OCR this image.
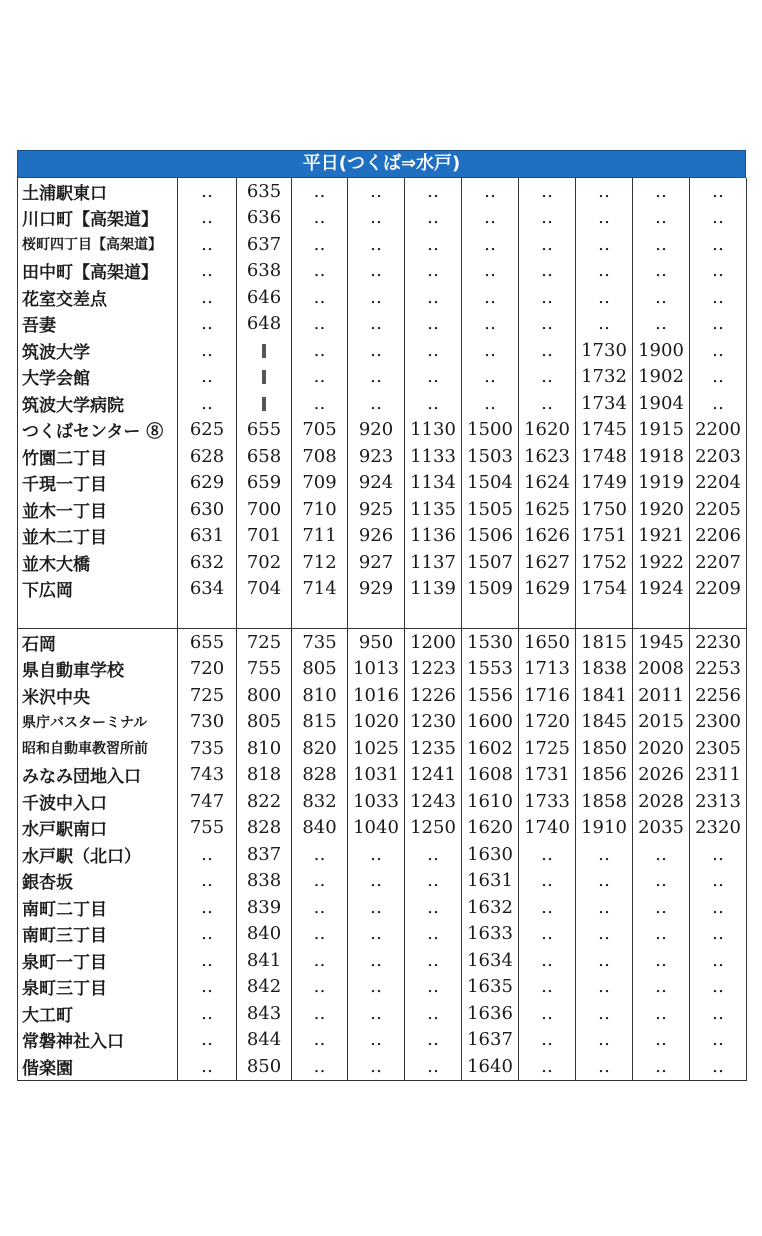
平日(つくば⇒水戸)
土浦駅東口	‥	635	‥	‥	‥	‥	‥	‥	‥	‥
川口町【高架道】	‥	636	‥	‥	‥	‥	‥	‥	‥	‥
桜町四丁目【高架道】	‥	637	‥	‥	‥	‥	‥	‥	‥	‥
田中町【高架道】	‥	638	‥	‥	‥	‥	‥	‥	‥	‥
花室交差点	‥	646	‥	‥	‥	‥	‥	‥	‥	‥
吾妻	‥	648	‥	‥	‥	‥	‥	‥	‥	‥
筑波大学	‥		‥	‥	‥	‥	‥	1730	1900	‥
大学会館	‥		‥	‥	‥	‥	‥	1732	1902	‥
筑波大学病院	‥		‥	‥	‥	‥	‥	1734	1904	‥
つくばセンター ⑧	625	655	705	920	1130	1500	1620	1745	1915	2200
竹園二丁目	628	658	708	923	1133	1503	1623	1748	1918	2203
千現一丁目	629	659	709	924	1134	1504	1624	1749	1919	2204
並木一丁目	630	700	710	925	1135	1505	1625	1750	1920	2205
並木二丁目	631	701	711	926	1136	1506	1626	1751	1921	2206
並木大橋	632	702	712	927	1137	1507	1627	1752	1922	2207
下広岡	634	704	714	929	1139	1509	1629	1754	1924	2209

石岡	655	725	735	950	1200	1530	1650	1815	1945	2230
県自動車学校	720	755	805	1013	1223	1553	1713	1838	2008	2253
米沢中央	725	800	810	1016	1226	1556	1716	1841	2011	2256
県庁バスターミナル	730	805	815	1020	1230	1600	1720	1845	2015	2300
昭和自動車教習所前	735	810	820	1025	1235	1602	1725	1850	2020	2305
みなみ団地入口	743	818	828	1031	1241	1608	1731	1856	2026	2311
千波中入口	747	822	832	1033	1243	1610	1733	1858	2028	2313
水戸駅南口	755	828	840	1040	1250	1620	1740	1910	2035	2320
水戸駅（北口）	‥	837	‥	‥	‥	1630	‥	‥	‥	‥
銀杏坂	‥	838	‥	‥	‥	1631	‥	‥	‥	‥
南町二丁目	‥	839	‥	‥	‥	1632	‥	‥	‥	‥
南町三丁目	‥	840	‥	‥	‥	1633	‥	‥	‥	‥
泉町一丁目	‥	841	‥	‥	‥	1634	‥	‥	‥	‥
泉町三丁目	‥	842	‥	‥	‥	1635	‥	‥	‥	‥
大工町	‥	843	‥	‥	‥	1636	‥	‥	‥	‥
常磐神社入口	‥	844	‥	‥	‥	1637	‥	‥	‥	‥
偕楽園	‥	850	‥	‥	‥	1640	‥	‥	‥	‥
